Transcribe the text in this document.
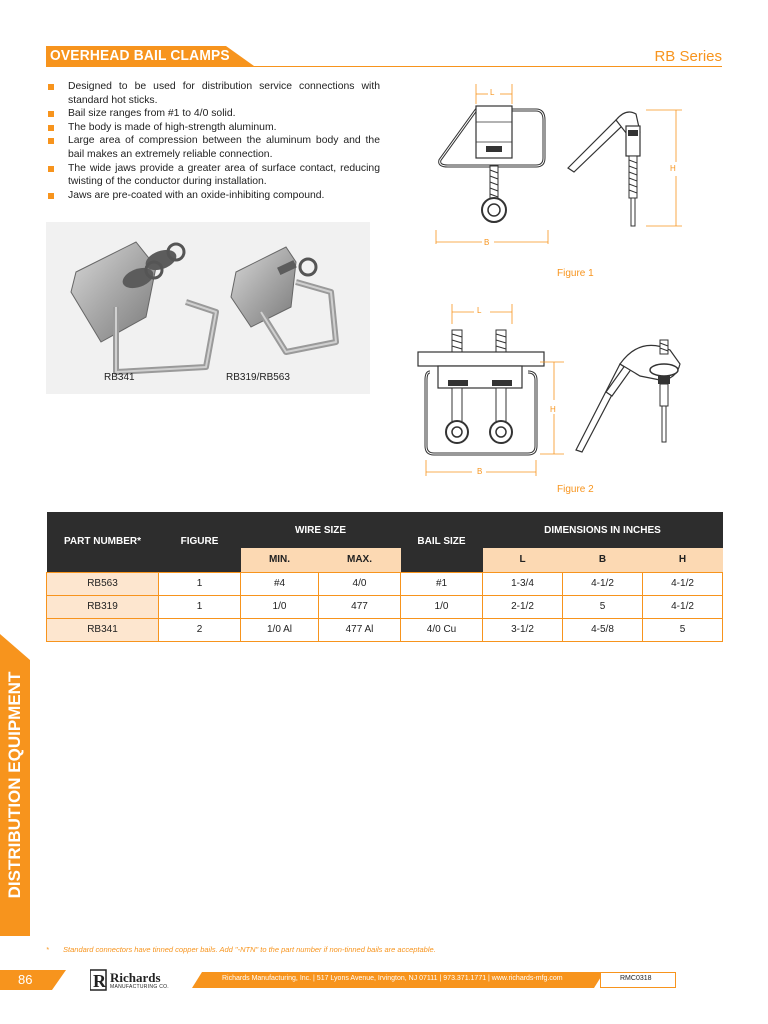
OVERHEAD BAIL CLAMPS	RB Series
Designed to be used for distribution service connections with standard hot sticks.
Bail size ranges from #1 to 4/0 solid.
The body is made of high-strength aluminum.
Large area of compression between the aluminum body and the bail makes an extremely reliable connection.
The wide jaws provide a greater area of surface contact, reducing twisting of the conductor during installation.
Jaws are pre-coated with an oxide-inhibiting compound.
RB341	RB319/RB563
L
B
H
Figure 1
L
B
H
Figure 2
PART NUMBER*	FIGURE	WIRE SIZE		BAIL SIZE	DIMENSIONS IN INCHES		
		MIN.	MAX.		L	B	H
RB563	1	#4	4/0	#1	1-3/4	4-1/2	4-1/2
RB319	1	1/0	477	1/0	2-1/2	5	4-1/2
RB341	2	1/0 Al	477 Al	4/0 Cu	3-1/2	4-5/8	5
DISTRIBUTION EQUIPMENT
* Standard connectors have tinned copper bails. Add "-NTN" to the part number if non-tinned bails are acceptable.
86	R Richards
MANUFACTURING CO.
Richards Manufacturing, Inc. | 517 Lyons Avenue, Irvington, NJ 07111 | 973.371.1771 | www.richards-mfg.com	RMC0318
